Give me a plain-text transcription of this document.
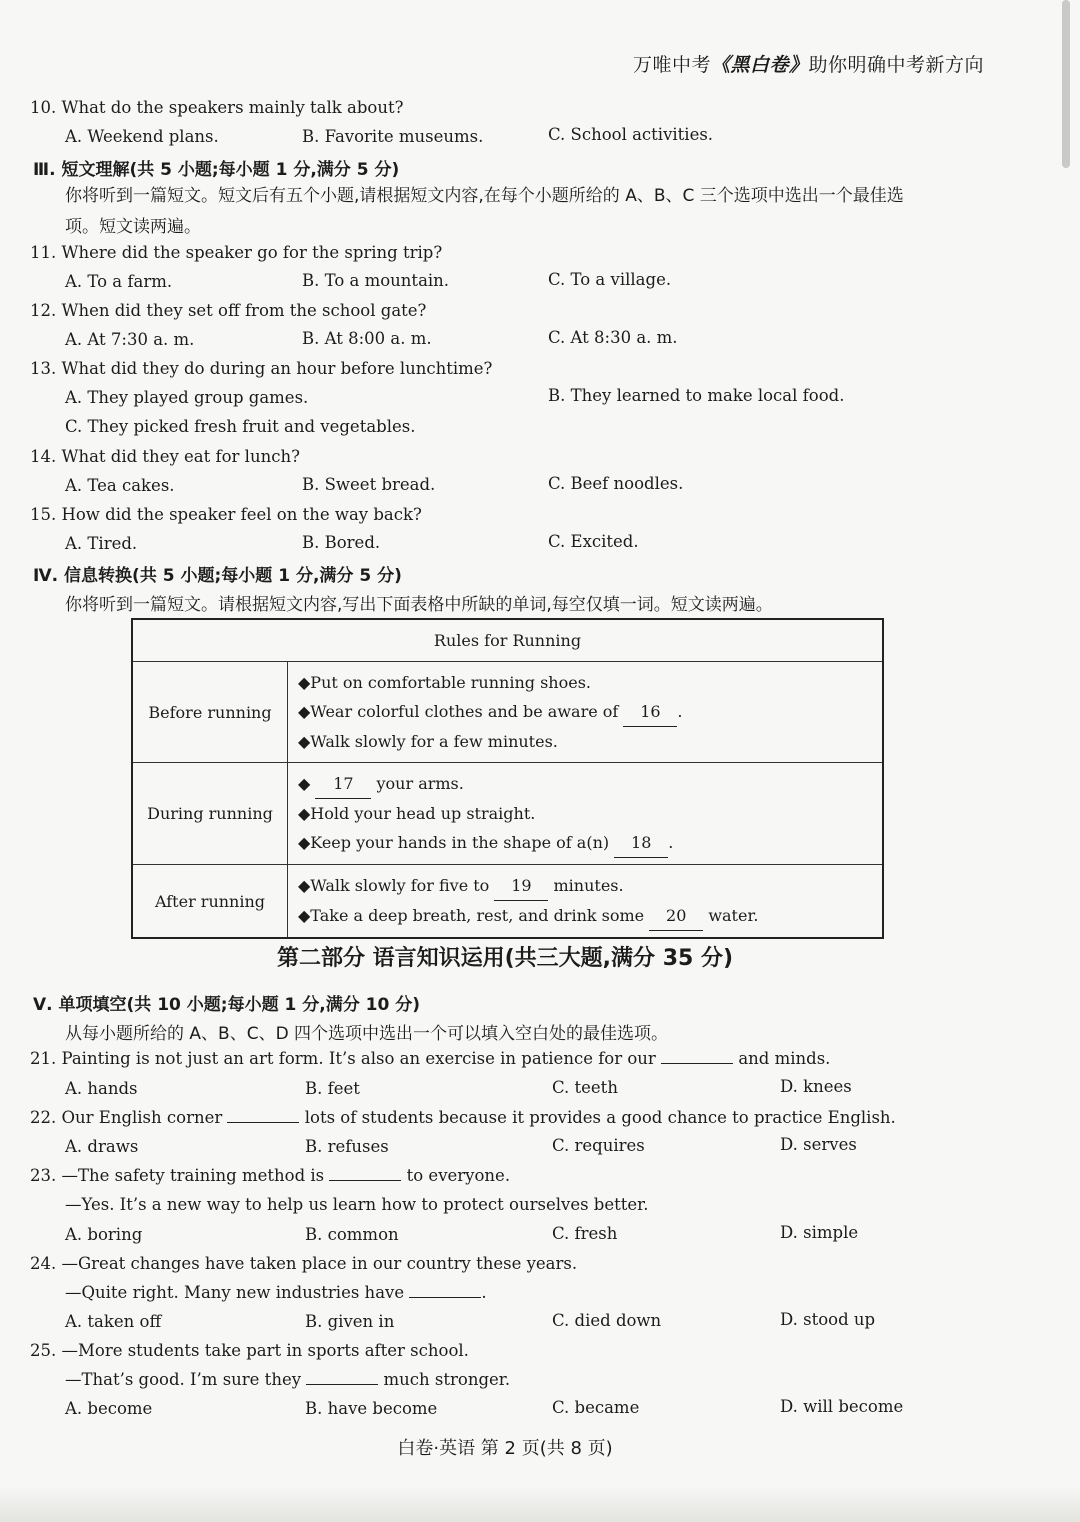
万唯中考《黑白卷》助你明确中考新方向
10. What do the speakers mainly talk about?
A. Weekend plans.	B. Favorite museums.	C. School activities.
Ⅲ. 短文理解(共 5 小题;每小题 1 分,满分 5 分)
你将听到一篇短文。短文后有五个小题,请根据短文内容,在每个小题所给的 A、B、C 三个选项中选出一个最佳选
项。短文读两遍。
11. Where did the speaker go for the spring trip?
A. To a farm.	B. To a mountain.	C. To a village.
12. When did they set off from the school gate?
A. At 7:30 a. m.	B. At 8:00 a. m.	C. At 8:30 a. m.
13. What did they do during an hour before lunchtime?
A. They played group games.	B. They learned to make local food.
C. They picked fresh fruit and vegetables.
14. What did they eat for lunch?
A. Tea cakes.	B. Sweet bread.	C. Beef noodles.
15. How did the speaker feel on the way back?
A. Tired.	B. Bored.	C. Excited.
Ⅳ. 信息转换(共 5 小题;每小题 1 分,满分 5 分)
你将听到一篇短文。请根据短文内容,写出下面表格中所缺的单词,每空仅填一词。短文读两遍。
Rules for Running	
Before running	◆Put on comfortable running shoes.
◆Wear colorful clothes and be aware of 16 .
◆Walk slowly for a few minutes.

During running	◆ 17 your arms.
◆Hold your head up straight.
◆Keep your hands in the shape of a(n) 18 .

After running	◆Walk slowly for five to 19 minutes.
◆Take a deep breath, rest, and drink some 20 water.
第二部分 语言知识运用(共三大题,满分 35 分)
Ⅴ. 单项填空(共 10 小题;每小题 1 分,满分 10 分)
从每小题所给的 A、B、C、D 四个选项中选出一个可以填入空白处的最佳选项。
21. Painting is not just an art form. It’s also an exercise in patience for our	and minds.
A. hands	B. feet	C. teeth	D. knees
22. Our English corner	lots of students because it provides a good chance to practice English.
A. draws	B. refuses	C. requires	D. serves
23. —The safety training method is	to everyone.
—Yes. It’s a new way to help us learn how to protect ourselves better.
A. boring	B. common	C. fresh	D. simple
24. —Great changes have taken place in our country these years.
—Quite right. Many new industries have	.
A. taken off	B. given in	C. died down	D. stood up
25. —More students take part in sports after school.
—That’s good. I’m sure they	much stronger.
A. become	B. have become	C. became	D. will become
白卷·英语 第 2 页(共 8 页)
